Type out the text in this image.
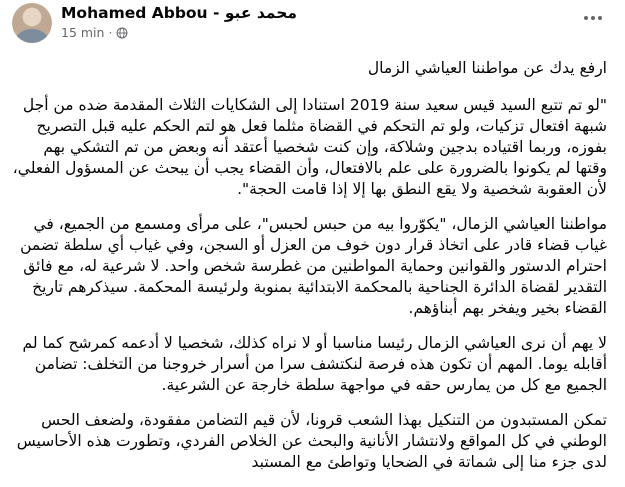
Mohamed Abbou - محمد عبو
15 min ·

ارفع يدك عن مواطننا العياشي الزمال

"لو تم تتبع السيد قيس سعيد سنة 2019 استنادا إلى الشكايات الثلاث المقدمة ضده من أجل شبهة افتعال تزكيات، ولو تم التحكم في القضاة مثلما فعل هو لتم الحكم عليه قبل التصريح بفوزه، وربما اقتياده بدجين وشلاكة، وإن كنت شخصيا أعتقد أنه وبعض من تم التشكي بهم وقتها لم يكونوا بالضرورة على علم بالافتعال، وأن القضاء يجب أن يبحث عن المسؤول الفعلي، لأن العقوبة شخصية ولا يقع النطق بها إلا إذا قامت الحجة".

مواطننا العياشي الزمال، "يكوّروا بيه من حبس لحبس"، على مرأى ومسمع من الجميع، في غياب قضاء قادر على اتخاذ قرار دون خوف من العزل أو السجن، وفي غياب أي سلطة تضمن احترام الدستور والقوانين وحماية المواطنين من غطرسة شخص واحد. لا شرعية له، مع فائق التقدير لقضاة الدائرة الجناحية بالمحكمة الابتدائية بمنوبة ولرئيسة المحكمة. سيذكرهم تاريخ القضاء بخير ويفخر بهم أبناؤهم.

لا يهم أن نرى العياشي الزمال رئيسا مناسبا أو لا نراه كذلك، شخصيا لا أدعمه كمرشح كما لم أقابله يوما. المهم أن تكون هذه فرصة لنكتشف سرا من أسرار خروجنا من التخلف: تضامن الجميع مع كل من يمارس حقه في مواجهة سلطة خارجة عن الشرعية.

تمكن المستبدون من التنكيل بهذا الشعب قرونا، لأن قيم التضامن مفقودة، ولضعف الحس الوطني في كل المواقع ولانتشار الأنانية والبحث عن الخلاص الفردي، وتطورت هذه الأحاسيس لدى جزء منا إلى شماتة في الضحايا وتواطئ مع المستبد
